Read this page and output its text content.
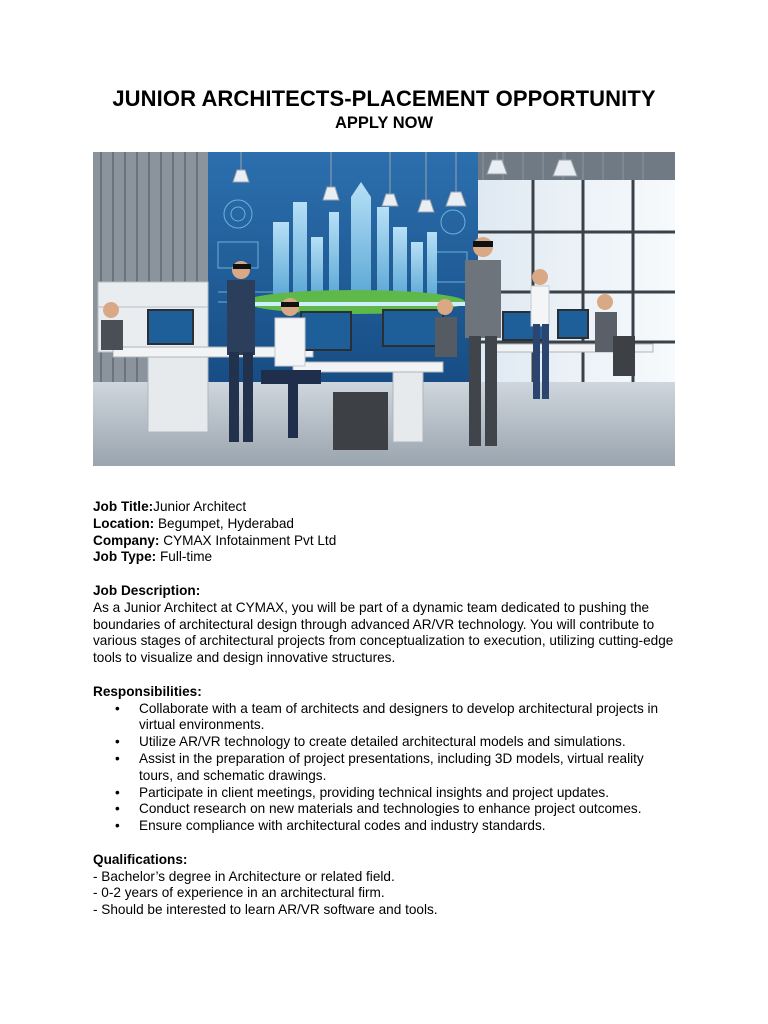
JUNIOR ARCHITECTS-PLACEMENT OPPORTUNITY
APPLY NOW
Job Title:Junior Architect
Location: Begumpet, Hyderabad
Company: CYMAX Infotainment Pvt Ltd
Job Type: Full-time
Job Description:
As a Junior Architect at CYMAX, you will be part of a dynamic team dedicated to pushing the boundaries of architectural design through advanced AR/VR technology. You will contribute to various stages of architectural projects from conceptualization to execution, utilizing cutting-edge tools to visualize and design innovative structures.
Responsibilities:
• Collaborate with a team of architects and designers to develop architectural projects in virtual environments.
• Utilize AR/VR technology to create detailed architectural models and simulations.
• Assist in the preparation of project presentations, including 3D models, virtual reality tours, and schematic drawings.
• Participate in client meetings, providing technical insights and project updates.
• Conduct research on new materials and technologies to enhance project outcomes.
• Ensure compliance with architectural codes and industry standards.
Qualifications:
- Bachelor’s degree in Architecture or related field.
- 0-2 years of experience in an architectural firm.
- Should be interested to learn AR/VR software and tools.
